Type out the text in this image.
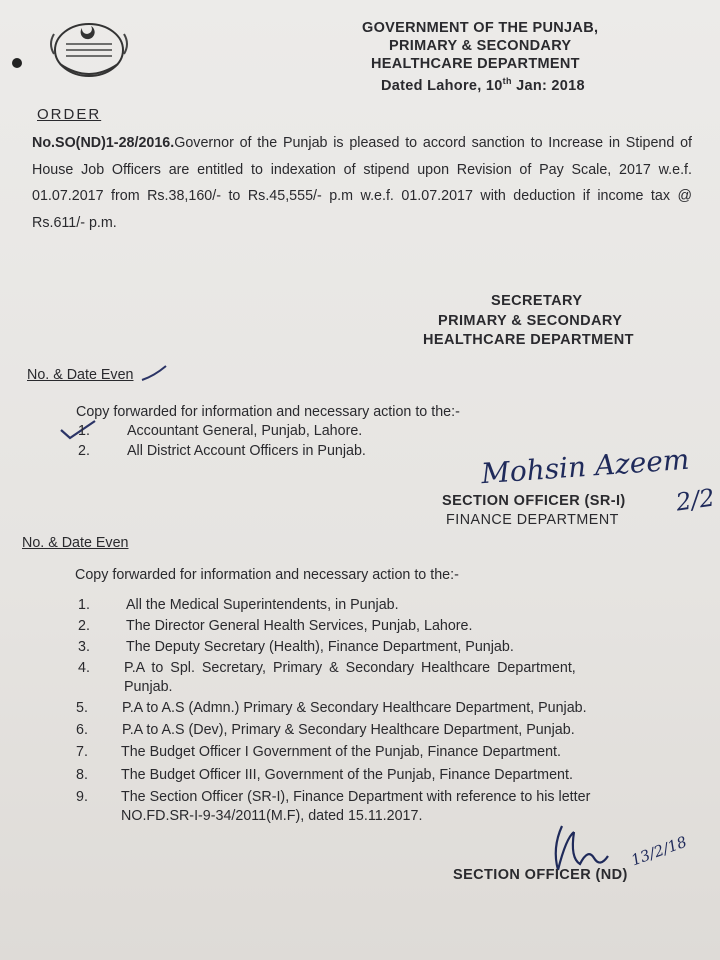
GOVERNMENT OF THE PUNJAB,
PRIMARY & SECONDARY
HEALTHCARE DEPARTMENT
Dated Lahore, 10th Jan: 2018
ORDER
No.SO(ND)1-28/2016.Governor of the Punjab is pleased to accord sanction to Increase in Stipend of House Job Officers are entitled to indexation of stipend upon Revision of Pay Scale, 2017 w.e.f. 01.07.2017 from Rs.38,160/- to Rs.45,555/- p.m w.e.f. 01.07.2017 with deduction if income tax @ Rs.611/- p.m.
SECRETARY
PRIMARY & SECONDARY
HEALTHCARE DEPARTMENT
No. & Date Even
Copy forwarded for information and necessary action to the:-
1.	Accountant General, Punjab, Lahore.
2.	All District Account Officers in Punjab.	Mohsin Azeem
2/2
SECTION OFFICER (SR-I)
FINANCE DEPARTMENT
No. & Date Even
Copy forwarded for information and necessary action to the:-
1.	All the Medical Superintendents, in Punjab.
2.	The Director General Health Services, Punjab, Lahore.
3.	The Deputy Secretary (Health), Finance Department, Punjab.
4. P.A to Spl. Secretary, Primary & Secondary Healthcare Department,
Punjab.
5. P.A to A.S (Admn.) Primary & Secondary Healthcare Department, Punjab.
6. P.A to A.S (Dev), Primary & Secondary Healthcare Department, Punjab.
7. The Budget Officer I Government of the Punjab, Finance Department.
8. The Budget Officer III, Government of the Punjab, Finance Department.
9. The Section Officer (SR-I), Finance Department with reference to his letter
NO.FD.SR-I-9-34/2011(M.F), dated 15.11.2017.
13/2/18
SECTION OFFICER (ND)
